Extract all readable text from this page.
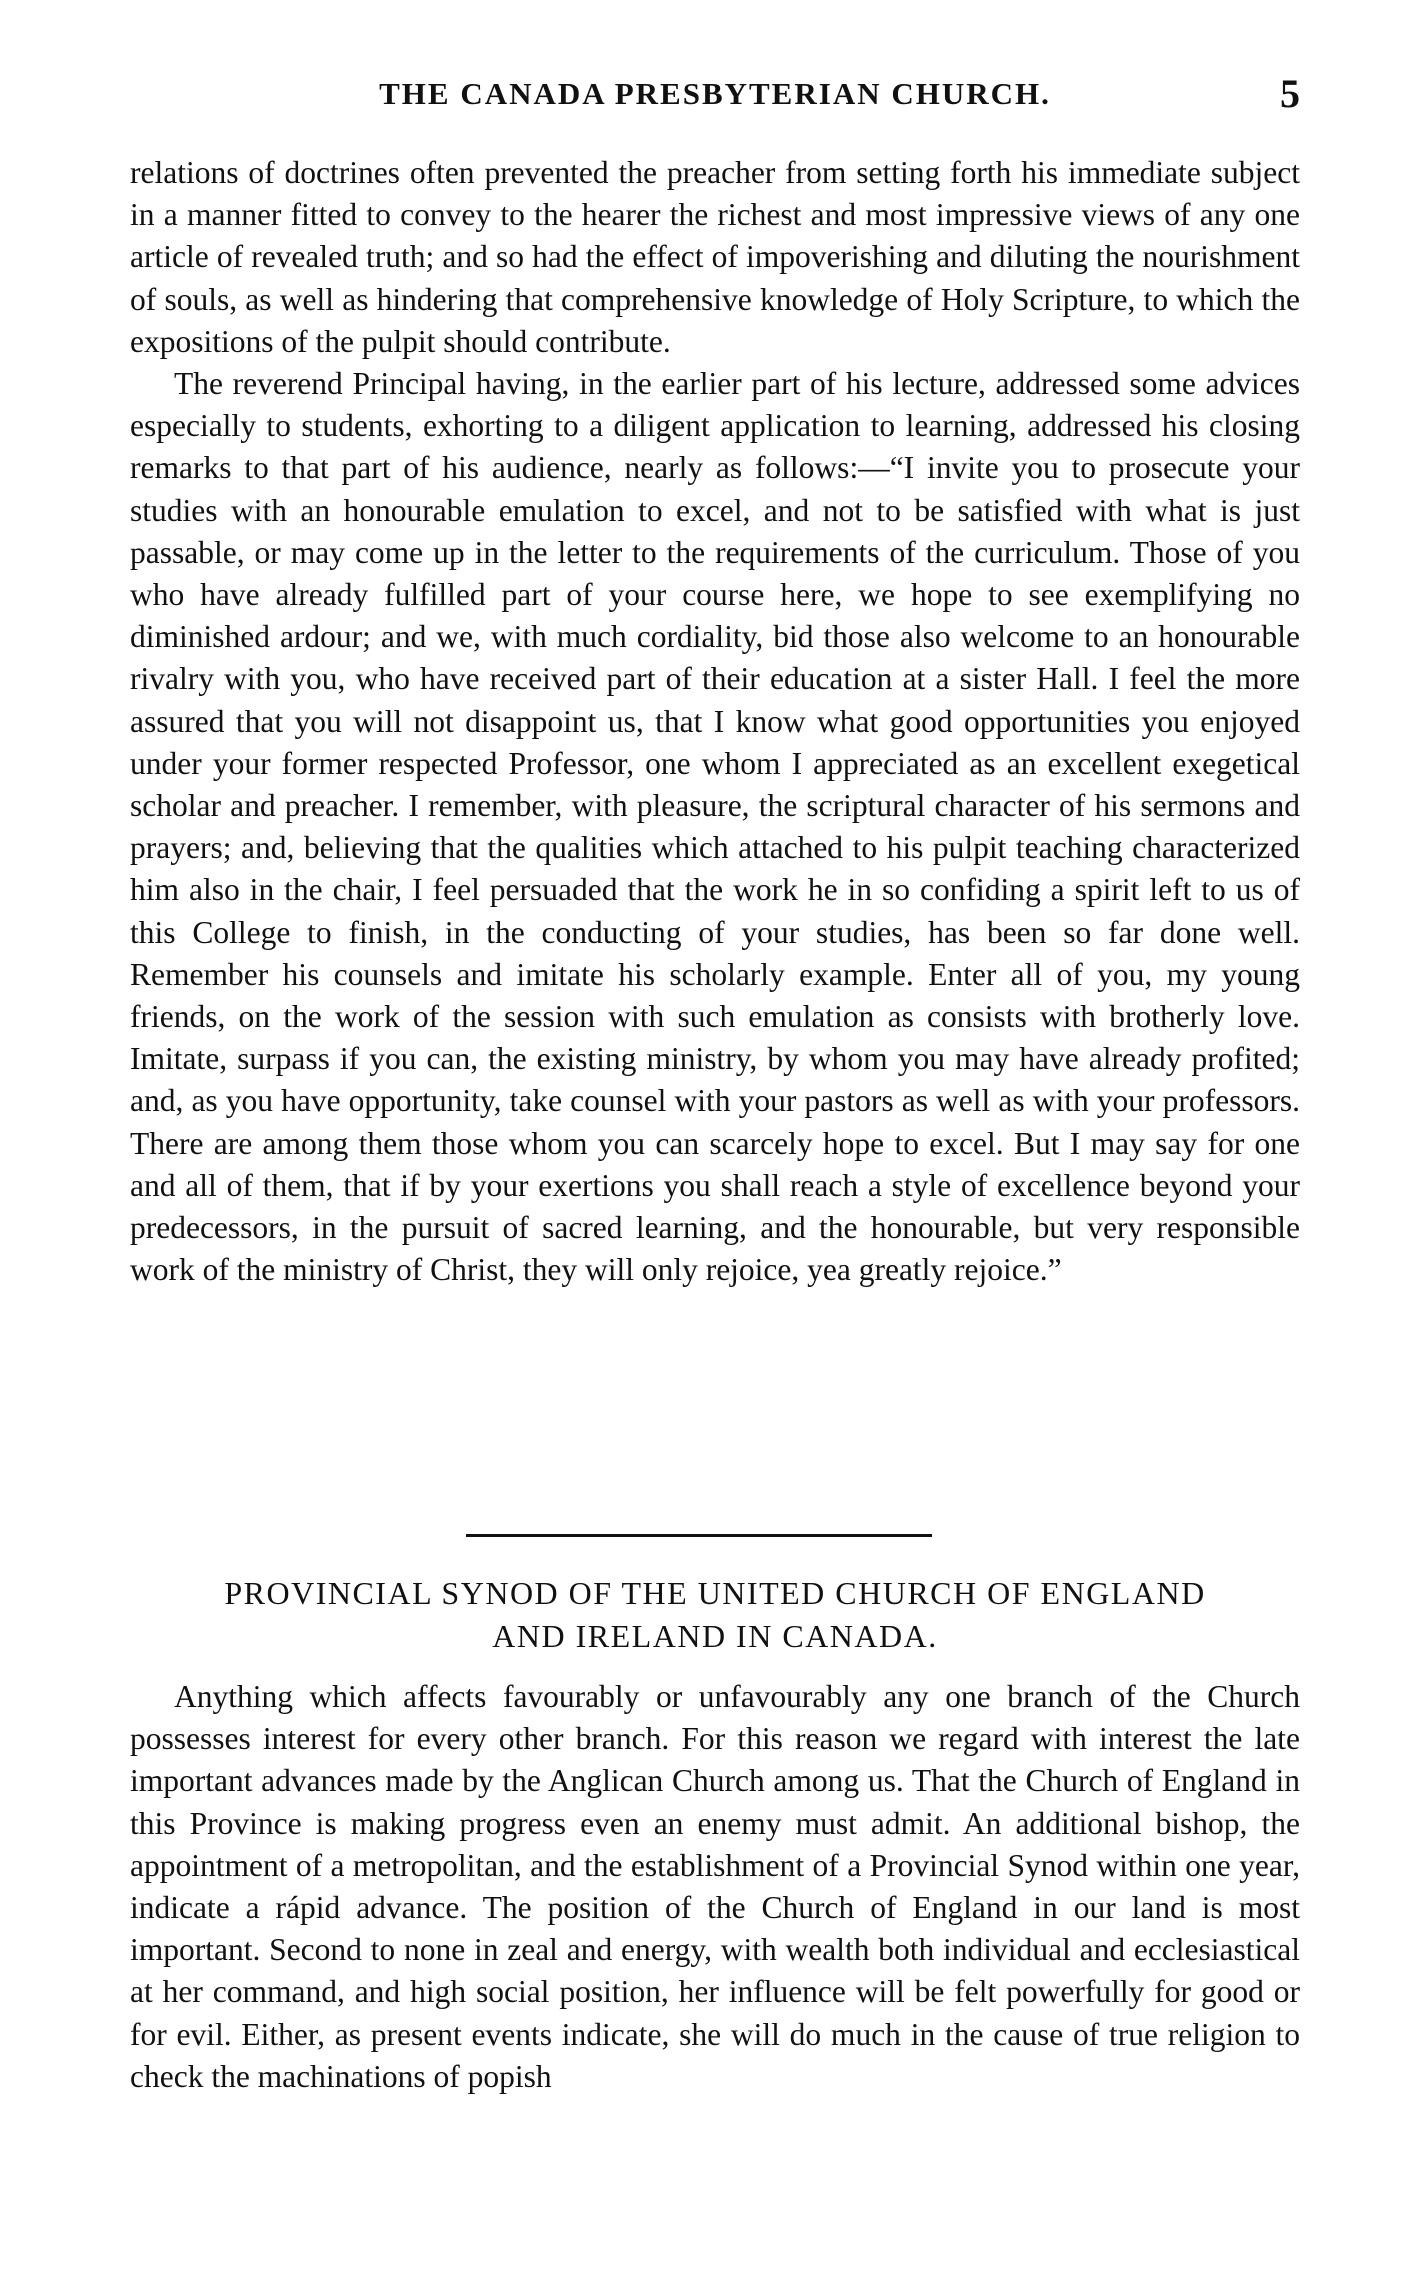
THE CANADA PRESBYTERIAN CHURCH.	5

relations of doctrines often prevented the preacher from setting forth his immediate subject in a manner fitted to convey to the hearer the richest and most impressive views of any one article of revealed truth; and so had the effect of impoverishing and diluting the nourishment of souls, as well as hindering that comprehensive knowledge of Holy Scripture, to which the expositions of the pulpit should contribute.

The reverend Principal having, in the earlier part of his lecture, addressed some advices especially to students, exhorting to a diligent application to learning, addressed his closing remarks to that part of his audience, nearly as follows:—“I invite you to prosecute your studies with an honourable emulation to excel, and not to be satisfied with what is just passable, or may come up in the letter to the requirements of the curriculum. Those of you who have already fulfilled part of your course here, we hope to see exemplifying no diminished ardour; and we, with much cordiality, bid those also welcome to an honourable rivalry with you, who have received part of their education at a sister Hall. I feel the more assured that you will not disappoint us, that I know what good opportunities you enjoyed under your former respected Professor, one whom I appreciated as an excellent exegetical scholar and preacher. I remember, with pleasure, the scriptural character of his sermons and prayers; and, believing that the qualities which attached to his pulpit teaching characterized him also in the chair, I feel persuaded that the work he in so confiding a spirit left to us of this College to finish, in the conducting of your studies, has been so far done well. Remember his counsels and imitate his scholarly example. Enter all of you, my young friends, on the work of the session with such emulation as consists with brotherly love. Imitate, surpass if you can, the existing ministry, by whom you may have already profited; and, as you have opportunity, take counsel with your pastors as well as with your professors. There are among them those whom you can scarcely hope to excel. But I may say for one and all of them, that if by your exertions you shall reach a style of excellence beyond your predecessors, in the pursuit of sacred learning, and the honourable, but very responsible work of the ministry of Christ, they will only rejoice, yea greatly rejoice.”

PROVINCIAL SYNOD OF THE UNITED CHURCH OF ENGLAND
AND IRELAND IN CANADA.

Anything which affects favourably or unfavourably any one branch of the Church possesses interest for every other branch. For this reason we regard with interest the late important advances made by the Anglican Church among us. That the Church of England in this Province is making progress even an enemy must admit. An additional bishop, the appointment of a metropolitan, and the establishment of a Provincial Synod within one year, indicate a rápid advance. The position of the Church of England in our land is most important. Second to none in zeal and energy, with wealth both individual and ecclesiastical at her command, and high social position, her influence will be felt powerfully for good or for evil. Either, as present events indicate, she will do much in the cause of true religion to check the machinations of popish
